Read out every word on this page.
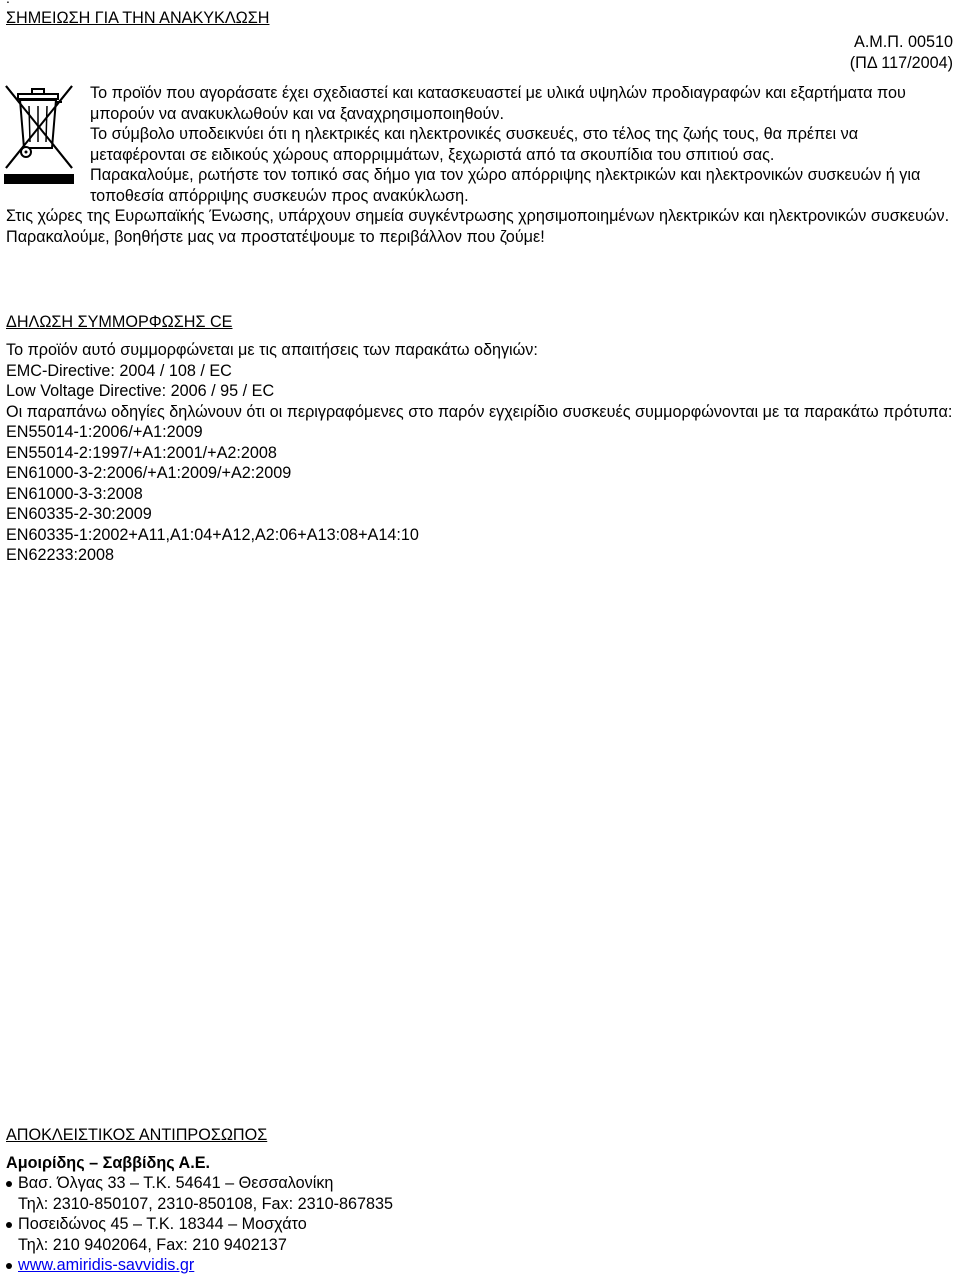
ΣΗΜΕΙΩΣΗ ΓΙΑ ΤΗΝ ΑΝΑΚΥΚΛΩΣΗ
Α.Μ.Π. 00510
(ΠΔ 117/2004)

Το προϊόν που αγοράσατε έχει σχεδιαστεί και κατασκευαστεί με υλικά υψηλών προδιαγραφών και εξαρτήματα που μπορούν να ανακυκλωθούν και να ξαναχρησιμοποιηθούν.

Το σύμβολο υποδεικνύει ότι η ηλεκτρικές και ηλεκτρονικές συσκευές, στο τέλος της ζωής τους, θα πρέπει να μεταφέρονται σε ειδικούς χώρους απορριμμάτων, ξεχωριστά από τα σκουπίδια του σπιτιού σας.

Παρακαλούμε, ρωτήστε τον τοπικό σας δήμο για τον χώρο απόρριψης ηλεκτρικών και ηλεκτρονικών συσκευών ή για τοποθεσία απόρριψης συσκευών προς ανακύκλωση.

Στις χώρες της Ευρωπαϊκής Ένωσης, υπάρχουν σημεία συγκέντρωσης χρησιμοποιημένων ηλεκτρικών και ηλεκτρονικών συσκευών.

Παρακαλούμε, βοηθήστε μας να προστατέψουμε το περιβάλλον που ζούμε!

ΔΗΛΩΣΗ ΣΥΜΜΟΡΦΩΣΗΣ CE

Το προϊόν αυτό συμμορφώνεται με τις απαιτήσεις των παρακάτω οδηγιών:

EMC-Directive: 2004 / 108 / EC

Low Voltage Directive: 2006 / 95 / EC

Οι παραπάνω οδηγίες δηλώνουν ότι οι περιγραφόμενες στο παρόν εγχειρίδιο συσκευές συμμορφώνονται με τα παρακάτω πρότυπα:

EN55014-1:2006/+A1:2009

EN55014-2:1997/+A1:2001/+A2:2008

EN61000-3-2:2006/+A1:2009/+A2:2009

EN61000-3-3:2008

EN60335-2-30:2009

EN60335-1:2002+A11,A1:04+A12,A2:06+A13:08+A14:10

EN62233:2008

ΑΠΟΚΛΕΙΣΤΙΚΟΣ ΑΝΤΙΠΡΟΣΩΠΟΣ
Αμοιρίδης – Σαββίδης Α.Ε.

Βασ. Όλγας 33 – Τ.Κ. 54641 – Θεσσαλονίκη

Τηλ: 2310-850107, 2310-850108, Fax: 2310-867835

Ποσειδώνος 45 – Τ.Κ. 18344 – Μοσχάτο

Τηλ: 210 9402064, Fax: 210 9402137

www.amiridis-savvidis.gr
